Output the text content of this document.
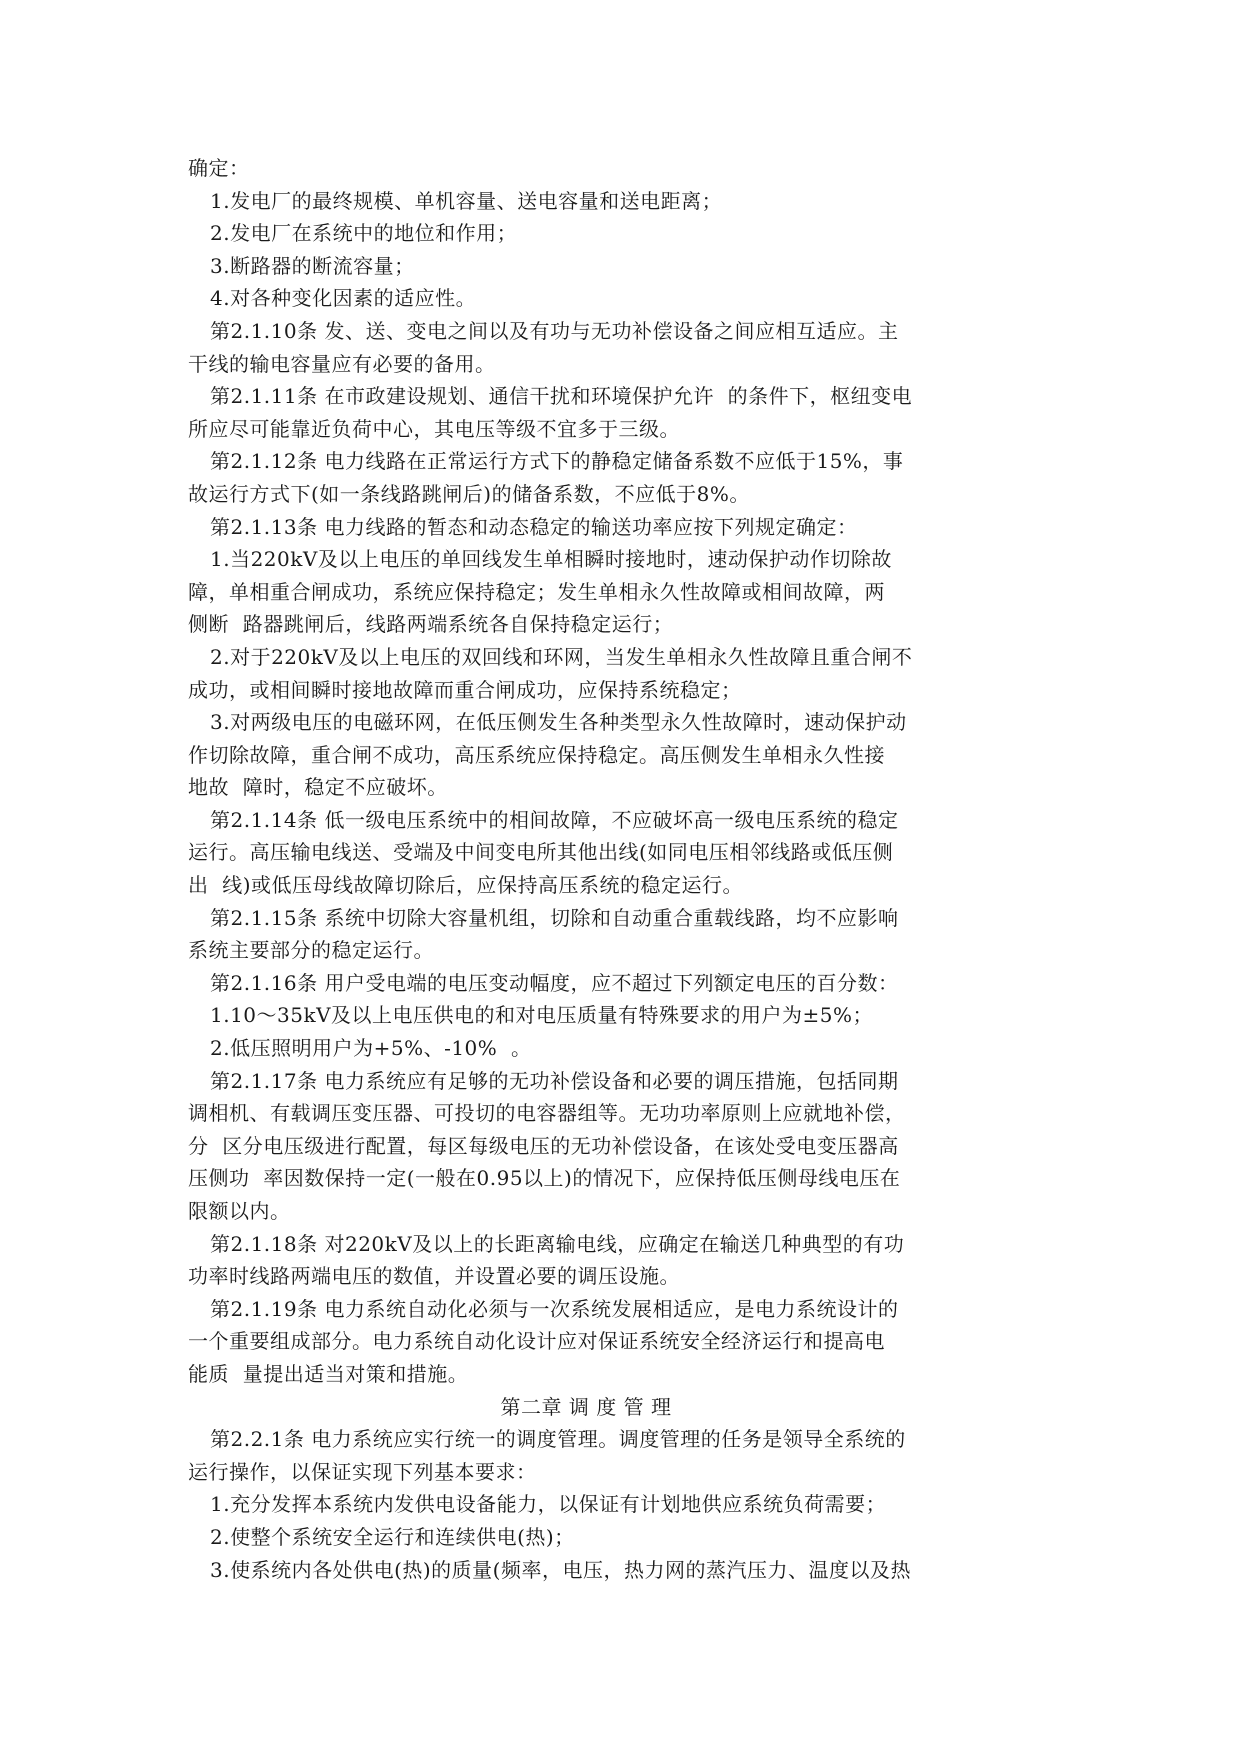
确定：
1.发电厂的最终规模、单机容量、送电容量和送电距离；
2.发电厂在系统中的地位和作用；
3.断路器的断流容量；
4.对各种变化因素的适应性。
第2.1.10条 发、送、变电之间以及有功与无功补偿设备之间应相互适应。主
干线的输电容量应有必要的备用。
第2.1.11条 在市政建设规划、通信干扰和环境保护允许  的条件下，枢纽变电
所应尽可能靠近负荷中心，其电压等级不宜多于三级。
第2.1.12条 电力线路在正常运行方式下的静稳定储备系数不应低于15%，事
故运行方式下(如一条线路跳闸后)的储备系数，不应低于8%。
第2.1.13条 电力线路的暂态和动态稳定的输送功率应按下列规定确定：
1.当220kV及以上电压的单回线发生单相瞬时接地时，速动保护动作切除故
障，单相重合闸成功，系统应保持稳定；发生单相永久性故障或相间故障，两
侧断  路器跳闸后，线路两端系统各自保持稳定运行；
2.对于220kV及以上电压的双回线和环网，当发生单相永久性故障且重合闸不
成功，或相间瞬时接地故障而重合闸成功，应保持系统稳定；
3.对两级电压的电磁环网，在低压侧发生各种类型永久性故障时，速动保护动
作切除故障，重合闸不成功，高压系统应保持稳定。高压侧发生单相永久性接
地故  障时，稳定不应破坏。
第2.1.14条 低一级电压系统中的相间故障，不应破坏高一级电压系统的稳定
运行。高压输电线送、受端及中间变电所其他出线(如同电压相邻线路或低压侧
出  线)或低压母线故障切除后，应保持高压系统的稳定运行。
第2.1.15条 系统中切除大容量机组，切除和自动重合重载线路，均不应影响
系统主要部分的稳定运行。
第2.1.16条 用户受电端的电压变动幅度，应不超过下列额定电压的百分数：
1.10～35kV及以上电压供电的和对电压质量有特殊要求的用户为±5%；
2.低压照明用户为+5%、-10%  。
第2.1.17条 电力系统应有足够的无功补偿设备和必要的调压措施，包括同期
调相机、有载调压变压器、可投切的电容器组等。无功功率原则上应就地补偿，
分  区分电压级进行配置，每区每级电压的无功补偿设备，在该处受电变压器高
压侧功  率因数保持一定(一般在0.95以上)的情况下，应保持低压侧母线电压在
限额以内。
第2.1.18条 对220kV及以上的长距离输电线，应确定在输送几种典型的有功
功率时线路两端电压的数值，并设置必要的调压设施。
第2.1.19条 电力系统自动化必须与一次系统发展相适应，是电力系统设计的
一个重要组成部分。电力系统自动化设计应对保证系统安全经济运行和提高电
能质  量提出适当对策和措施。
第二章 调 度 管 理
第2.2.1条 电力系统应实行统一的调度管理。调度管理的任务是领导全系统的
运行操作，以保证实现下列基本要求：
1.充分发挥本系统内发供电设备能力，以保证有计划地供应系统负荷需要；
2.使整个系统安全运行和连续供电(热)；
3.使系统内各处供电(热)的质量(频率，电压，热力网的蒸汽压力、温度以及热
